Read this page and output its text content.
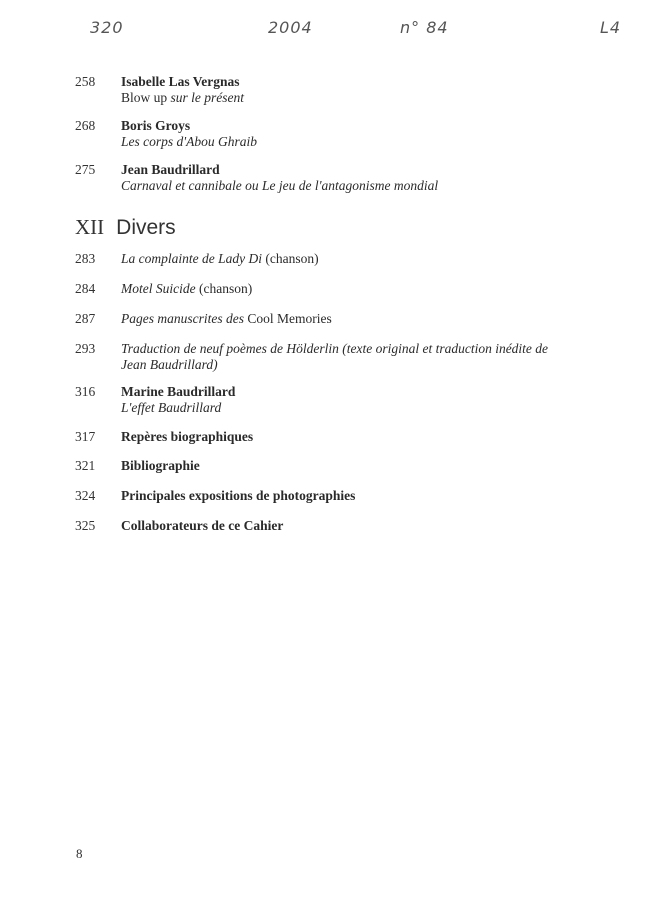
320	2004	n° 84	L4
258	Isabelle Las Vergnas
Blow up sur le présent
268	Boris Groys
Les corps d'Abou Ghraib
275	Jean Baudrillard
Carnaval et cannibale ou Le jeu de l'antagonisme mondial
XII Divers
283	La complainte de Lady Di (chanson)
284	Motel Suicide (chanson)
287	Pages manuscrites des Cool Memories
293	Traduction de neuf poèmes de Hölderlin (texte original et traduction inédite de Jean Baudrillard)
316	Marine Baudrillard
L'effet Baudrillard
317	Repères biographiques
321	Bibliographie
324	Principales expositions de photographies
325	Collaborateurs de ce Cahier
8
